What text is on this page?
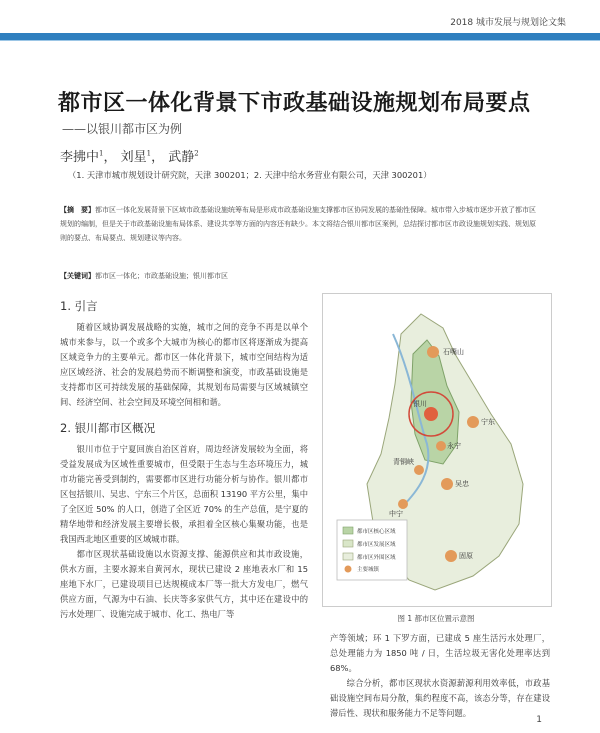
2018 城市发展与规划论文集
都市区一体化背景下市政基础设施规划布局要点
——以银川都市区为例
李拂中$^1$， 刘星$^1$， 武静$^2$
（1. 天津市城市规划设计研究院，天津 300201；2. 天津中给水务营业有限公司，天津 300201）
【摘　要】都市区一体化发展背景下区域市政基础设施统筹布局是形成市政基础设施支撑都市区协同发展的基础性保障。城市带入步城市逐步开放了都市区规划的编制，但是关于市政基础设施布局体系、建设共享等方面的内容还有缺少。本文将结合银川都市区案例，总结探讨都市区市政设施规划实践、规划原则的要点、布局要点、规划建议等内容。
【关键词】都市区一体化；市政基础设施；银川都市区
1. 引言

随着区域协调发展战略的实施，城市之间的竞争不再是以单个城市来参与，以一个或多个大城市为核心的都市区将逐渐成为提高区域竞争力的主要单元。都市区一体化背景下，城市空间结构为适应区域经济、社会的发展趋势而不断调整和演变，市政基础设施是支持都市区可持续发展的基础保障，其规划布局需要与区域城镇空间、经济空间、社会空间及环境空间相和谐。

2. 银川都市区概况

银川市位于宁夏回族自治区首府，周边经济发展较为全面，将受益发展成为区域性重要城市，但受限于生态与生态环境压力，城市功能完善受到制约，需要都市区进行功能分析与协作。银川都市区包括银川、吴忠、宁东三个片区，总面积 13190 平方公里，集中了全区近 50% 的人口，创造了全区近 70% 的生产总值，是宁夏的精华地带和经济发展主要增长极，承担着全区核心集聚功能，也是我国西北地区重要的区域城市群。

都市区现状基础设施以水资源支撑、能源供应和其市政设施，供水方面，主要水源来自黄河水，现状已建设 2 座地表水厂和 15 座地下水厂，已建设项目已达规模成本厂等一批大方发电厂，燃气供应方面，气源为中石油、长庆等多家供气方，其中还在建设中的污水处理厂、设施完成于城市、化工、热电厂等

石嘴山
银川
宁东
永宁
青铜峡
吴忠
中宁
固原
都市区核心区域
都市区发展区域
都市区外围区域
主要城镇
图 1 都市区位置示意图

产等领域；环 1 下罗方面，已建成 5 座生活污水处理厂，总处理能力为 1850 吨 / 日，生活垃圾无害化处理率达到 68%。

综合分析，都市区现状水资源薪源利用效率低，市政基础设施空间布局分散，集约程度不高，该态分等，存在建设滞后性、现状和服务能力不足等问题。

1
